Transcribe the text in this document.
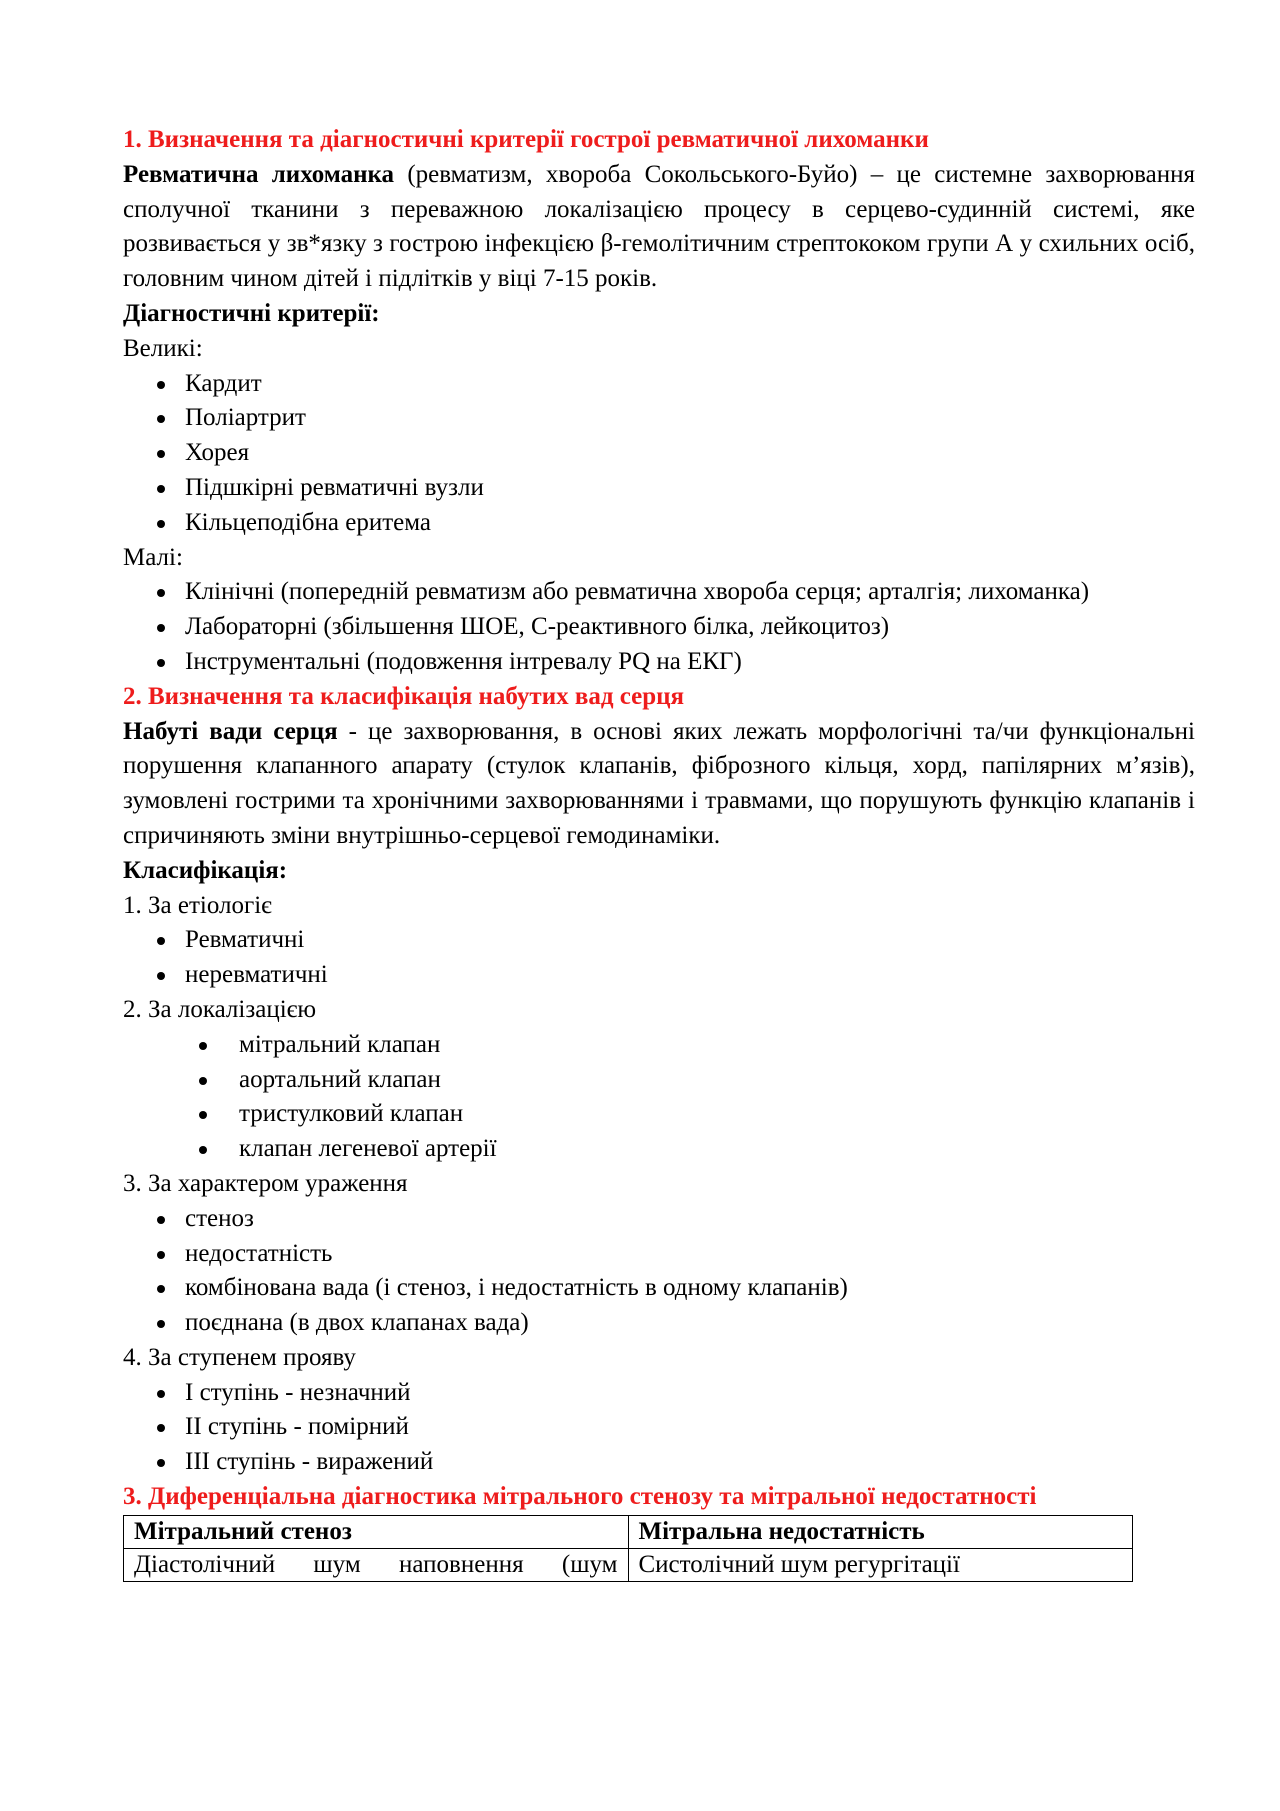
1. Визначення та діагностичні критерії гострої ревматичної лихоманки
Ревматична лихоманка (ревматизм, хвороба Сокольського-Буйо) – це системне захворювання сполучної тканини з переважною локалізацією процесу в серцево-судинній системі, яке розвивається у зв*язку з гострою інфекцією β-гемолітичним стрептококом групи А у схильних осіб, головним чином дітей і підлітків у віці 7-15 років.
Діагностичні критерії:
Великі:
Кардит
Поліартрит
Хорея
Підшкірні ревматичні вузли
Кільцеподібна еритема
Малі:
Клінічні (попередній ревматизм або ревматична хвороба серця; арталгія; лихоманка)
Лабораторні (збільшення ШОЕ, С-реактивного білка, лейкоцитоз)
Інструментальні (подовження інтревалу PQ на ЕКГ)
2. Визначення та класифікація набутих вад серця
Набуті вади серця - це захворювання, в основі яких лежать морфологічні та/чи функціональні порушення клапанного апарату (стулок клапанів, фіброзного кільця, хорд, папілярних м’язів), зумовлені гострими та хронічними захворюваннями і травмами, що порушують функцію клапанів і спричиняють зміни внутрішньо-серцевої гемодинаміки.
Класифікація:
1. За етіологіє
Ревматичні
неревматичні
2. За локалізацією
мітральний клапан
аортальний клапан
тристулковий клапан
клапан легеневої артерії
3. За характером ураження
стеноз
недостатність
комбінована вада (і стеноз, і недостатність в одному клапанів)
поєднана (в двох клапанах вада)
4. За ступенем прояву
І ступінь - незначний
ІІ ступінь - помірний
ІІІ ступінь - виражений
3. Диференціальна діагностика мітрального стенозу та мітральної недостатності
Мітральний стеноз	Мітральна недостатність
Діастолічний шум наповнення (шум	Систолічний шум регургітації
